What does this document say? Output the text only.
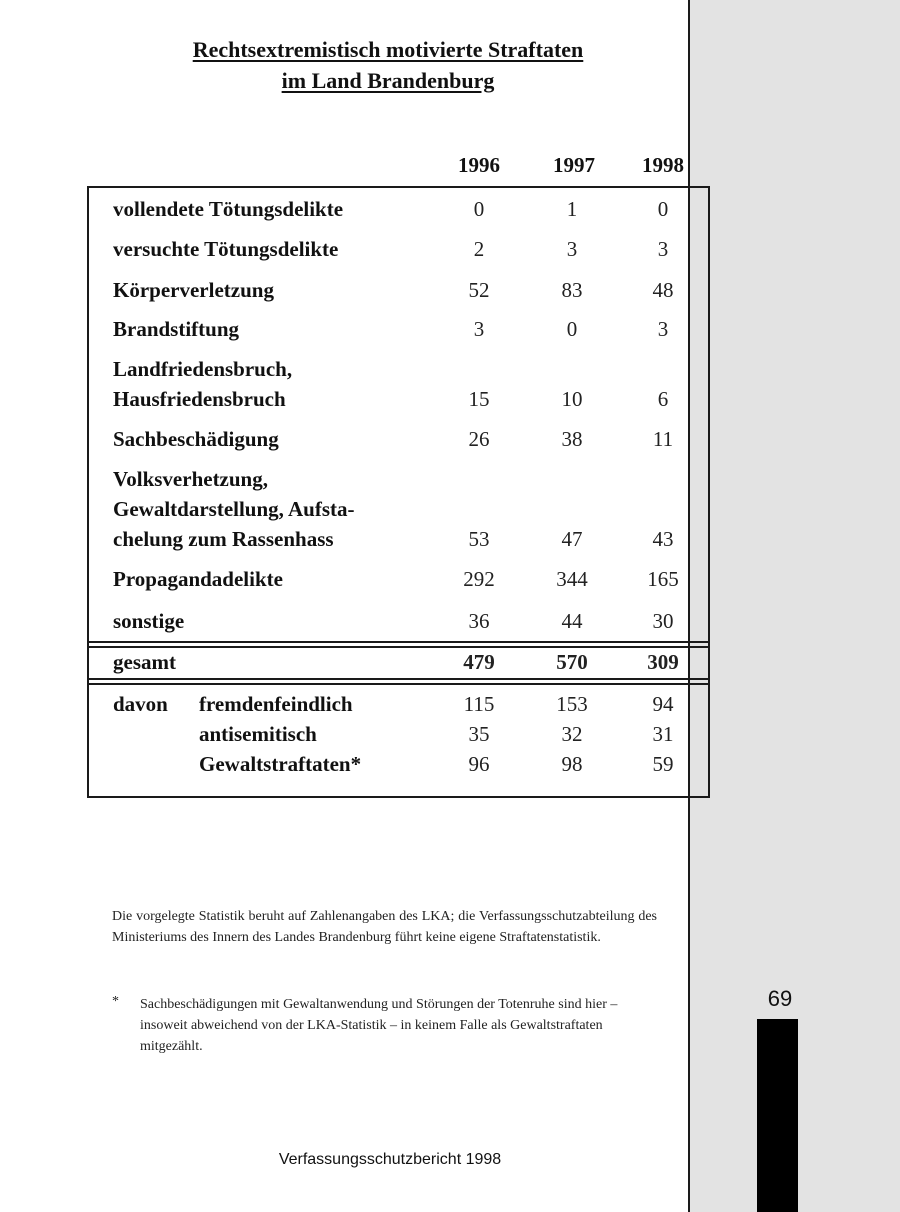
69
Rechtsextremistisch motivierte Straftaten
im Land Brandenburg
1996	1997	1998
vollendete Tötungsdelikte	0	1	0
versuchte Tötungsdelikte	2	3	3
Körperverletzung	52	83	48
Brandstiftung	3	0	3
Landfriedensbruch,
Hausfriedensbruch	15	10	6
Sachbeschädigung	26	38	11
Volksverhetzung,
Gewaltdarstellung, Aufsta-
chelung zum Rassenhass	53	47	43
Propagandadelikte	292	344	165
sonstige	36	44	30
gesamt	479	570	309
davon fremdenfeindlich	115	153	94
antisemitisch	35	32	31
Gewaltstraftaten*	96	98	59
Die vorgelegte Statistik beruht auf Zahlenangaben des LKA; die Verfassungsschutzabteilung des Ministeriums des Innern des Landes Brandenburg führt keine eigene Straftatenstatistik.
* Sachbeschädigungen mit Gewaltanwendung und Störungen der Totenruhe sind hier – insoweit abweichend von der LKA-Statistik – in keinem Falle als Gewaltstraftaten mitgezählt.
Verfassungsschutzbericht 1998
